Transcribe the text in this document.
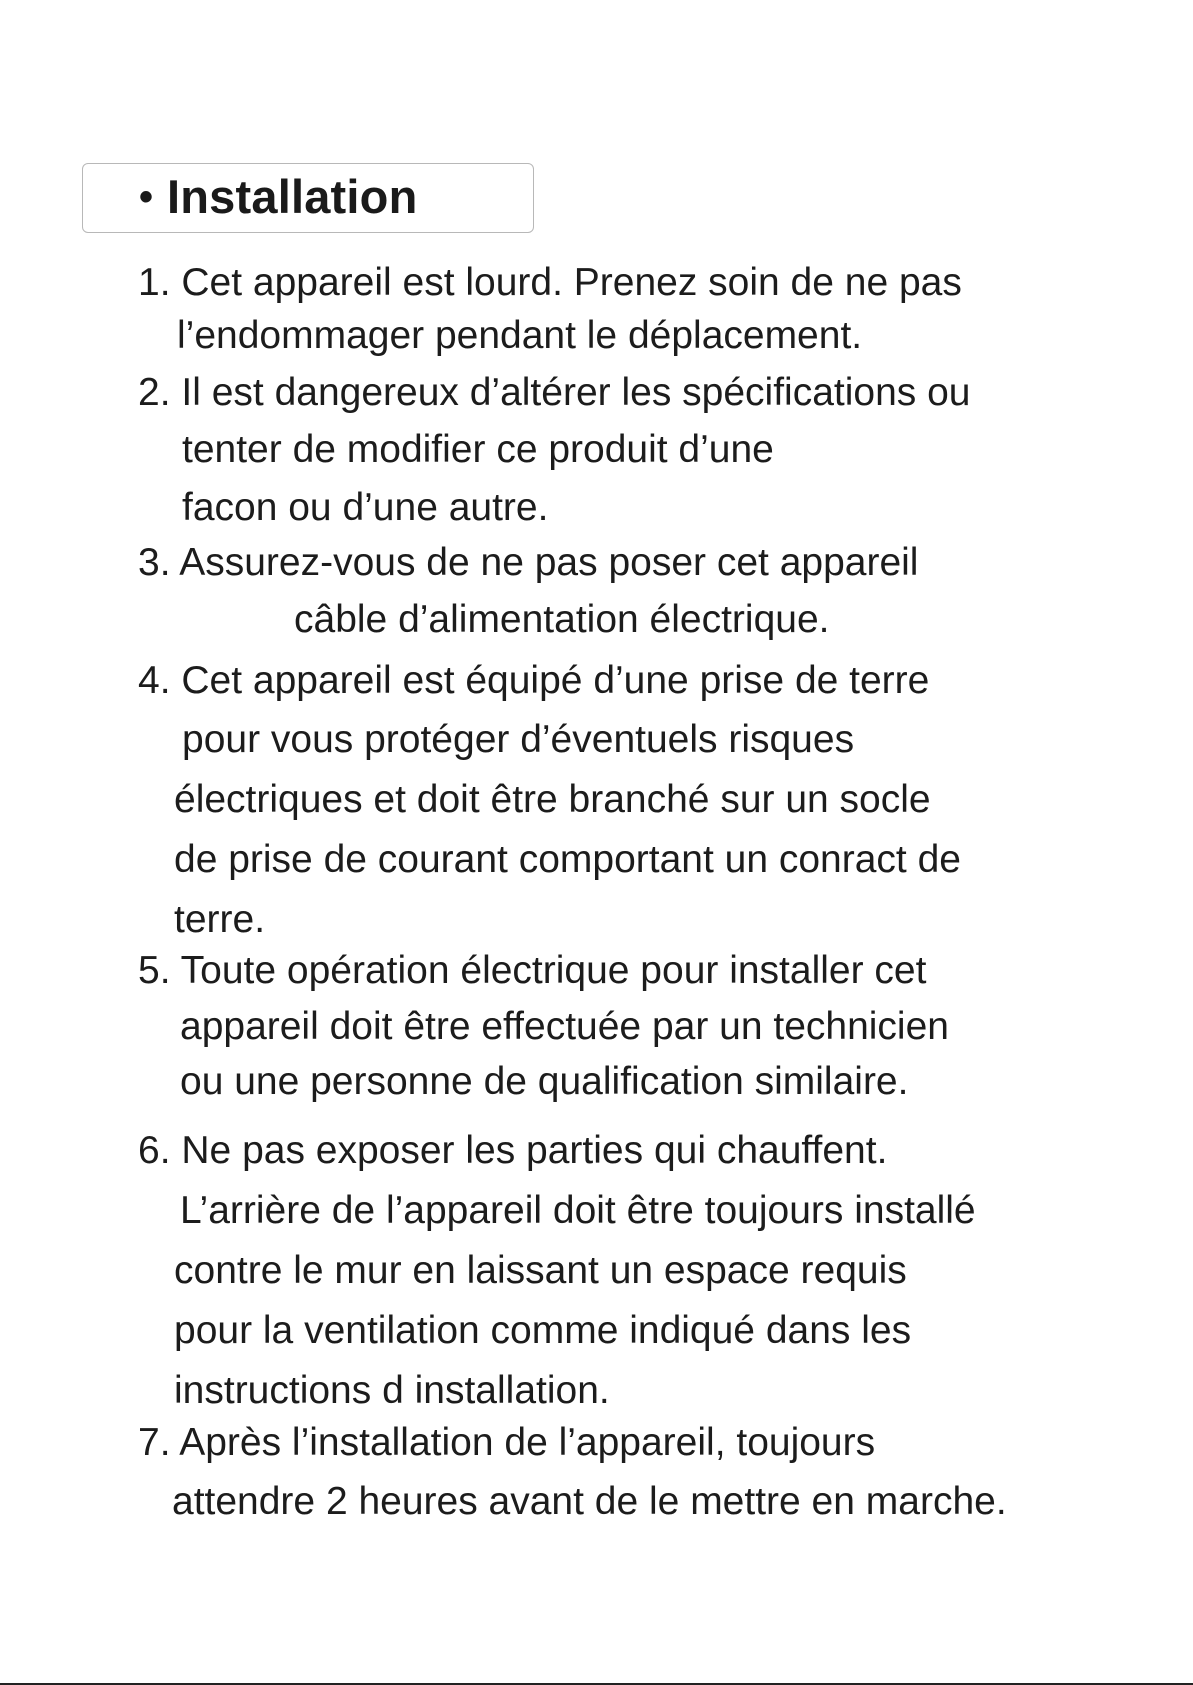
• Installation
1. Cet appareil est lourd. Prenez soin de ne pas
l’endommager pendant le déplacement.
2. Il est dangereux d’altérer les spécifications ou
tenter de modifier ce produit d’une
facon ou d’une autre.
3. Assurez-vous de ne pas poser cet appareil
câble d’alimentation électrique.
4. Cet appareil est équipé d’une prise de terre
pour vous protéger d’éventuels risques
électriques et doit être branché sur un socle
de prise de courant comportant un conract de
terre.
5. Toute opération électrique pour installer cet
appareil doit être effectuée par un technicien
ou une personne de qualification similaire.
6. Ne pas exposer les parties qui chauffent.
L’arrière de l’appareil doit être toujours installé
contre le mur en laissant un espace requis
pour la ventilation comme indiqué dans les
instructions d installation.
7. Après l’installation de l’appareil, toujours
attendre 2 heures avant de le mettre en marche.
